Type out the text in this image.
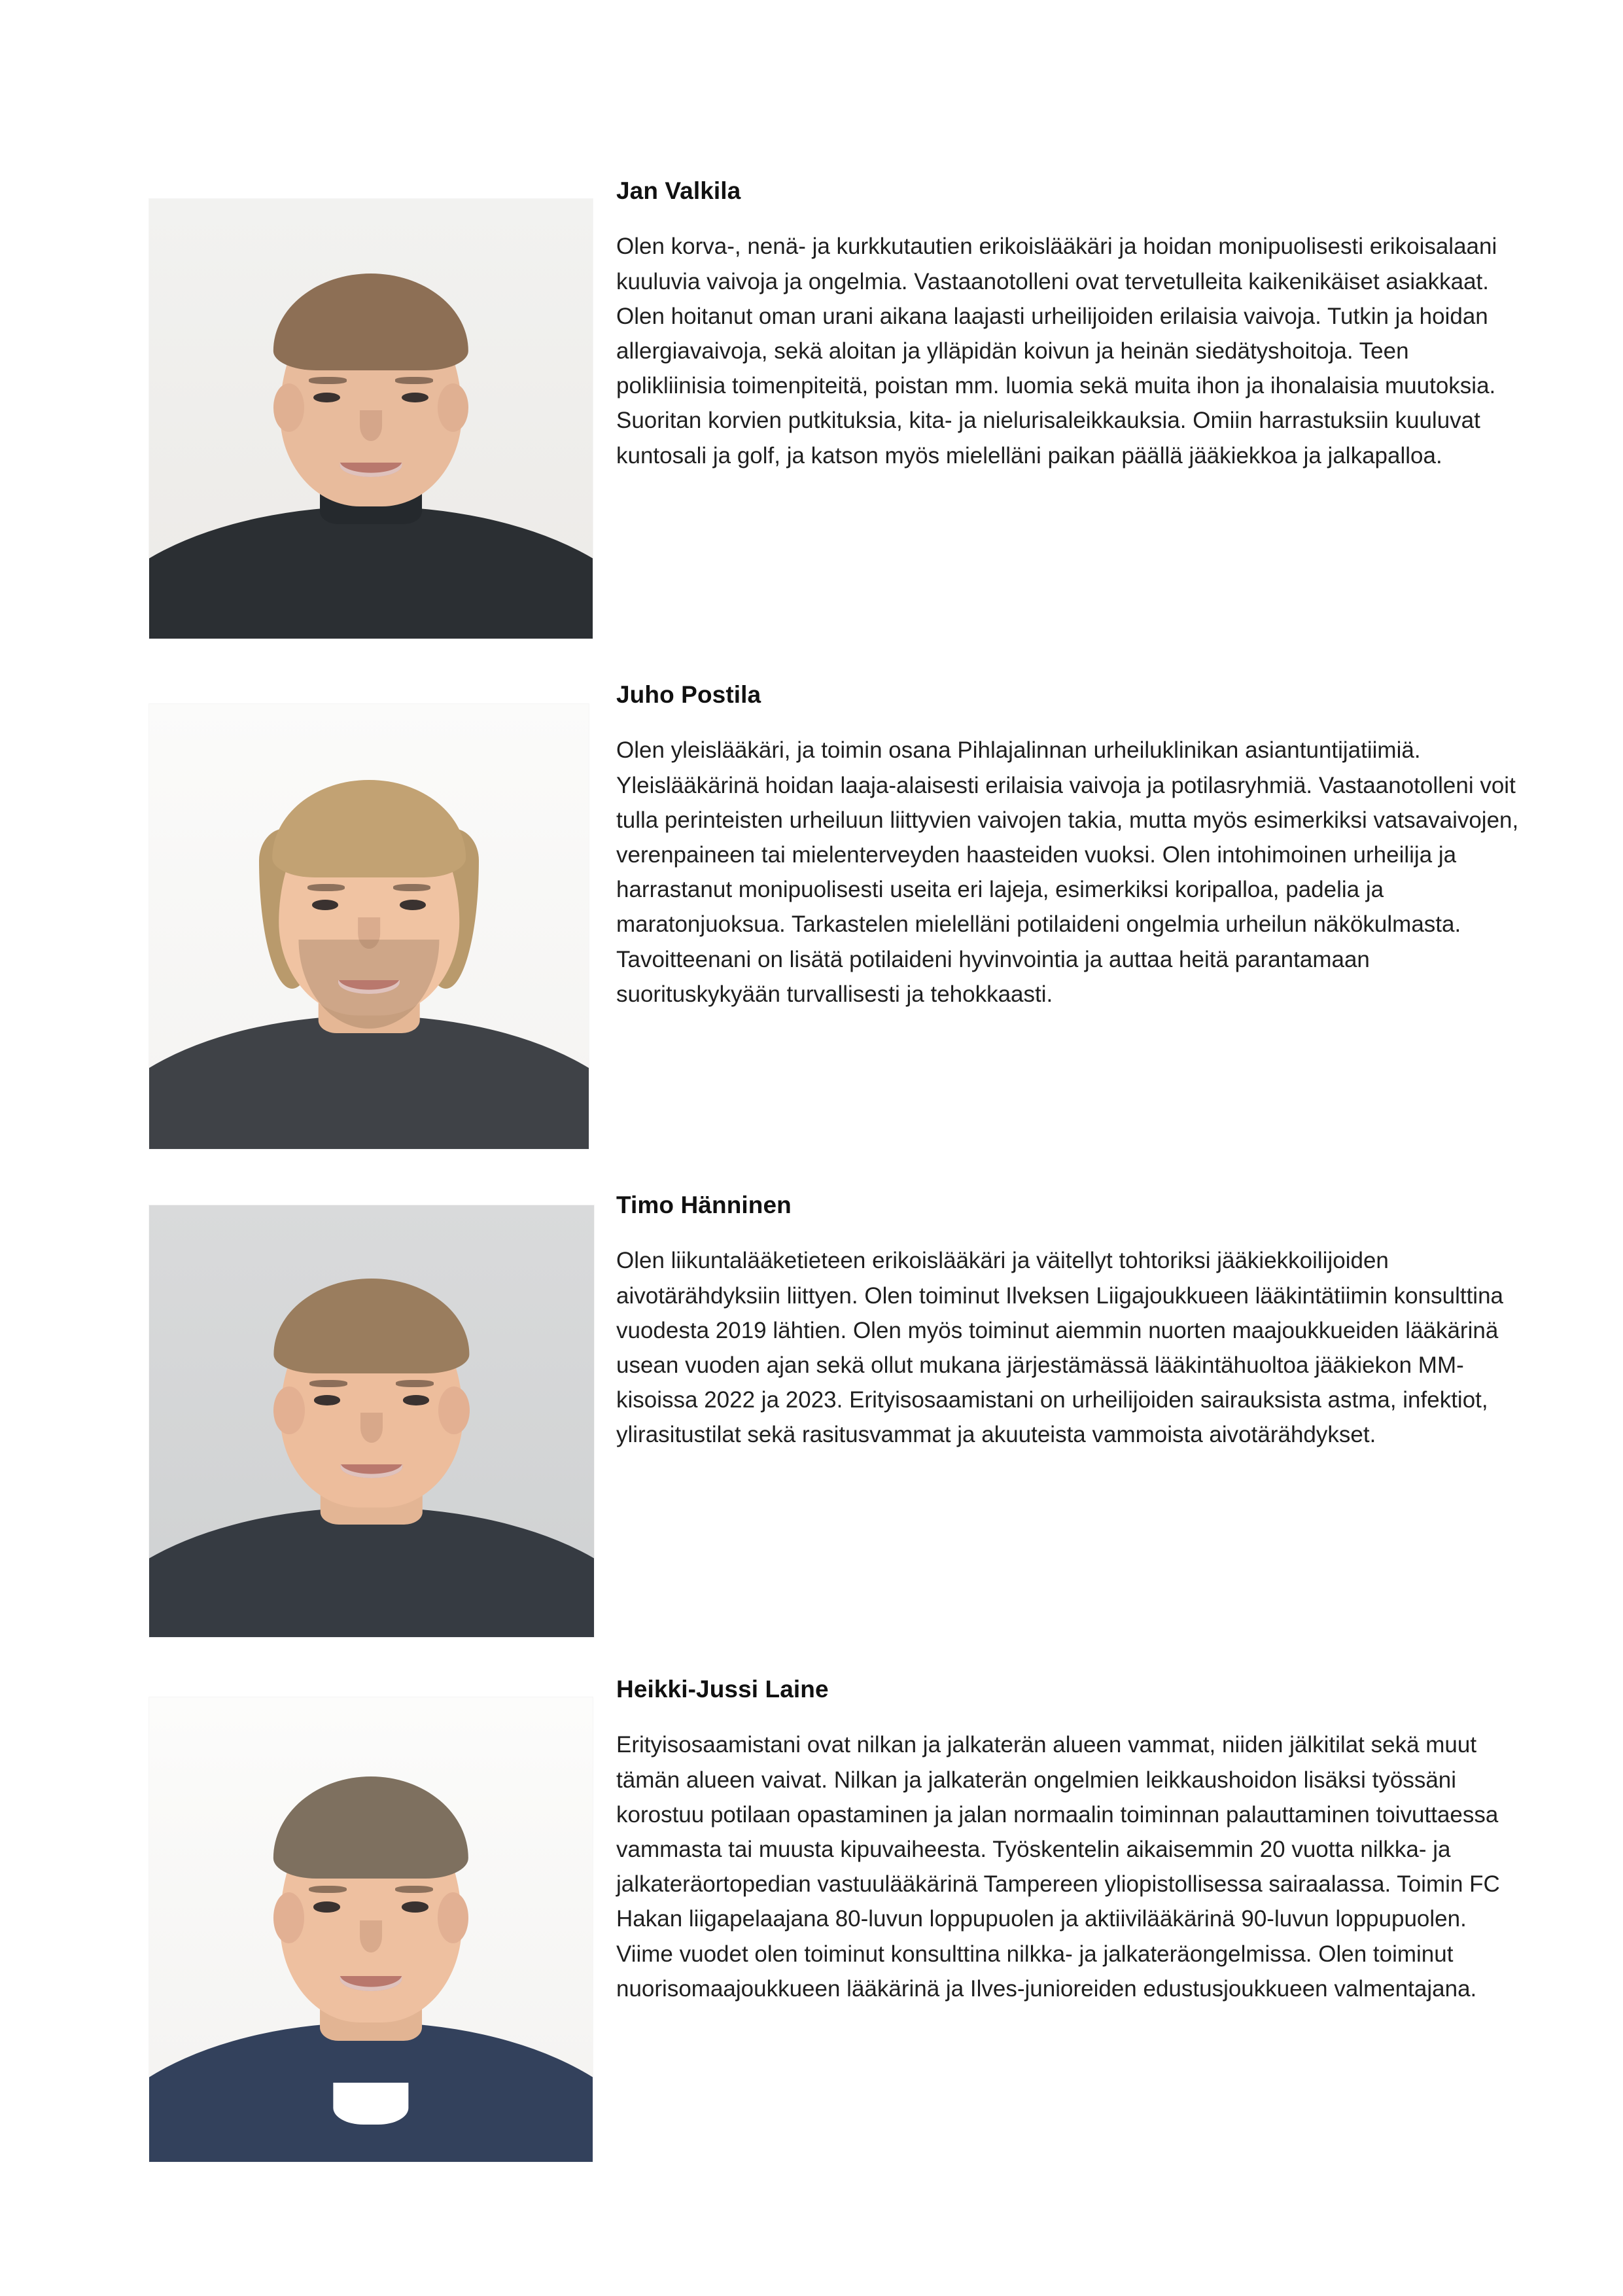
Jan Valkila

Olen korva-, nenä- ja kurkkutautien erikoislääkäri ja hoidan monipuolisesti erikoisalaani kuuluvia vaivoja ja ongelmia. Vastaanotolleni ovat tervetulleita kaikenikäiset asiakkaat. Olen hoitanut oman urani aikana laajasti urheilijoiden erilaisia vaivoja. Tutkin ja hoidan allergiavaivoja, sekä aloitan ja ylläpidän koivun ja heinän siedätyshoitoja. Teen polikliinisia toimenpiteitä, poistan mm. luomia sekä muita ihon ja ihonalaisia muutoksia. Suoritan korvien putkituksia, kita- ja nielurisaleikkauksia. Omiin harrastuksiin kuuluvat kuntosali ja golf, ja katson myös mielelläni paikan päällä jääkiekkoa ja jalkapalloa.

Juho Postila

Olen yleislääkäri, ja toimin osana Pihlajalinnan urheiluklinikan asiantuntijatiimiä. Yleislääkärinä hoidan laaja-alaisesti erilaisia vaivoja ja potilasryhmiä. Vastaanotolleni voit tulla perinteisten urheiluun liittyvien vaivojen takia, mutta myös esimerkiksi vatsavaivojen, verenpaineen tai mielenterveyden haasteiden vuoksi. Olen intohimoinen urheilija ja harrastanut monipuolisesti useita eri lajeja, esimerkiksi koripalloa, padelia ja maratonjuoksua. Tarkastelen mielelläni potilaideni ongelmia urheilun näkökulmasta. Tavoitteenani on lisätä potilaideni hyvinvointia ja auttaa heitä parantamaan suorituskykyään turvallisesti ja tehokkaasti.

Timo Hänninen

Olen liikuntalääketieteen erikoislääkäri ja väitellyt tohtoriksi jääkiekkoilijoiden aivotärähdyksiin liittyen. Olen toiminut Ilveksen Liigajoukkueen lääkintätiimin konsulttina vuodesta 2019 lähtien. Olen myös toiminut aiemmin nuorten maajoukkueiden lääkärinä usean vuoden ajan sekä ollut mukana järjestämässä lääkintähuoltoa jääkiekon MM-kisoissa 2022 ja 2023. Erityisosaamistani on urheilijoiden sairauksista astma, infektiot, ylirasitustilat sekä rasitusvammat ja akuuteista vammoista aivotärähdykset.

Heikki-Jussi Laine

Erityisosaamistani ovat nilkan ja jalkaterän alueen vammat, niiden jälkitilat sekä muut tämän alueen vaivat. Nilkan ja jalkaterän ongelmien leikkaushoidon lisäksi työssäni korostuu potilaan opastaminen ja jalan normaalin toiminnan palauttaminen toivuttaessa vammasta tai muusta kipuvaiheesta. Työskentelin aikaisemmin 20 vuotta nilkka- ja jalkateräortopedian vastuulääkärinä Tampereen yliopistollisessa sairaalassa. Toimin FC Hakan liigapelaajana 80-luvun loppupuolen ja aktiivilääkärinä 90-luvun loppupuolen. Viime vuodet olen toiminut konsulttina nilkka- ja jalkateräongelmissa. Olen toiminut nuorisomaajoukkueen lääkärinä ja Ilves-junioreiden edustusjoukkueen valmentajana.
